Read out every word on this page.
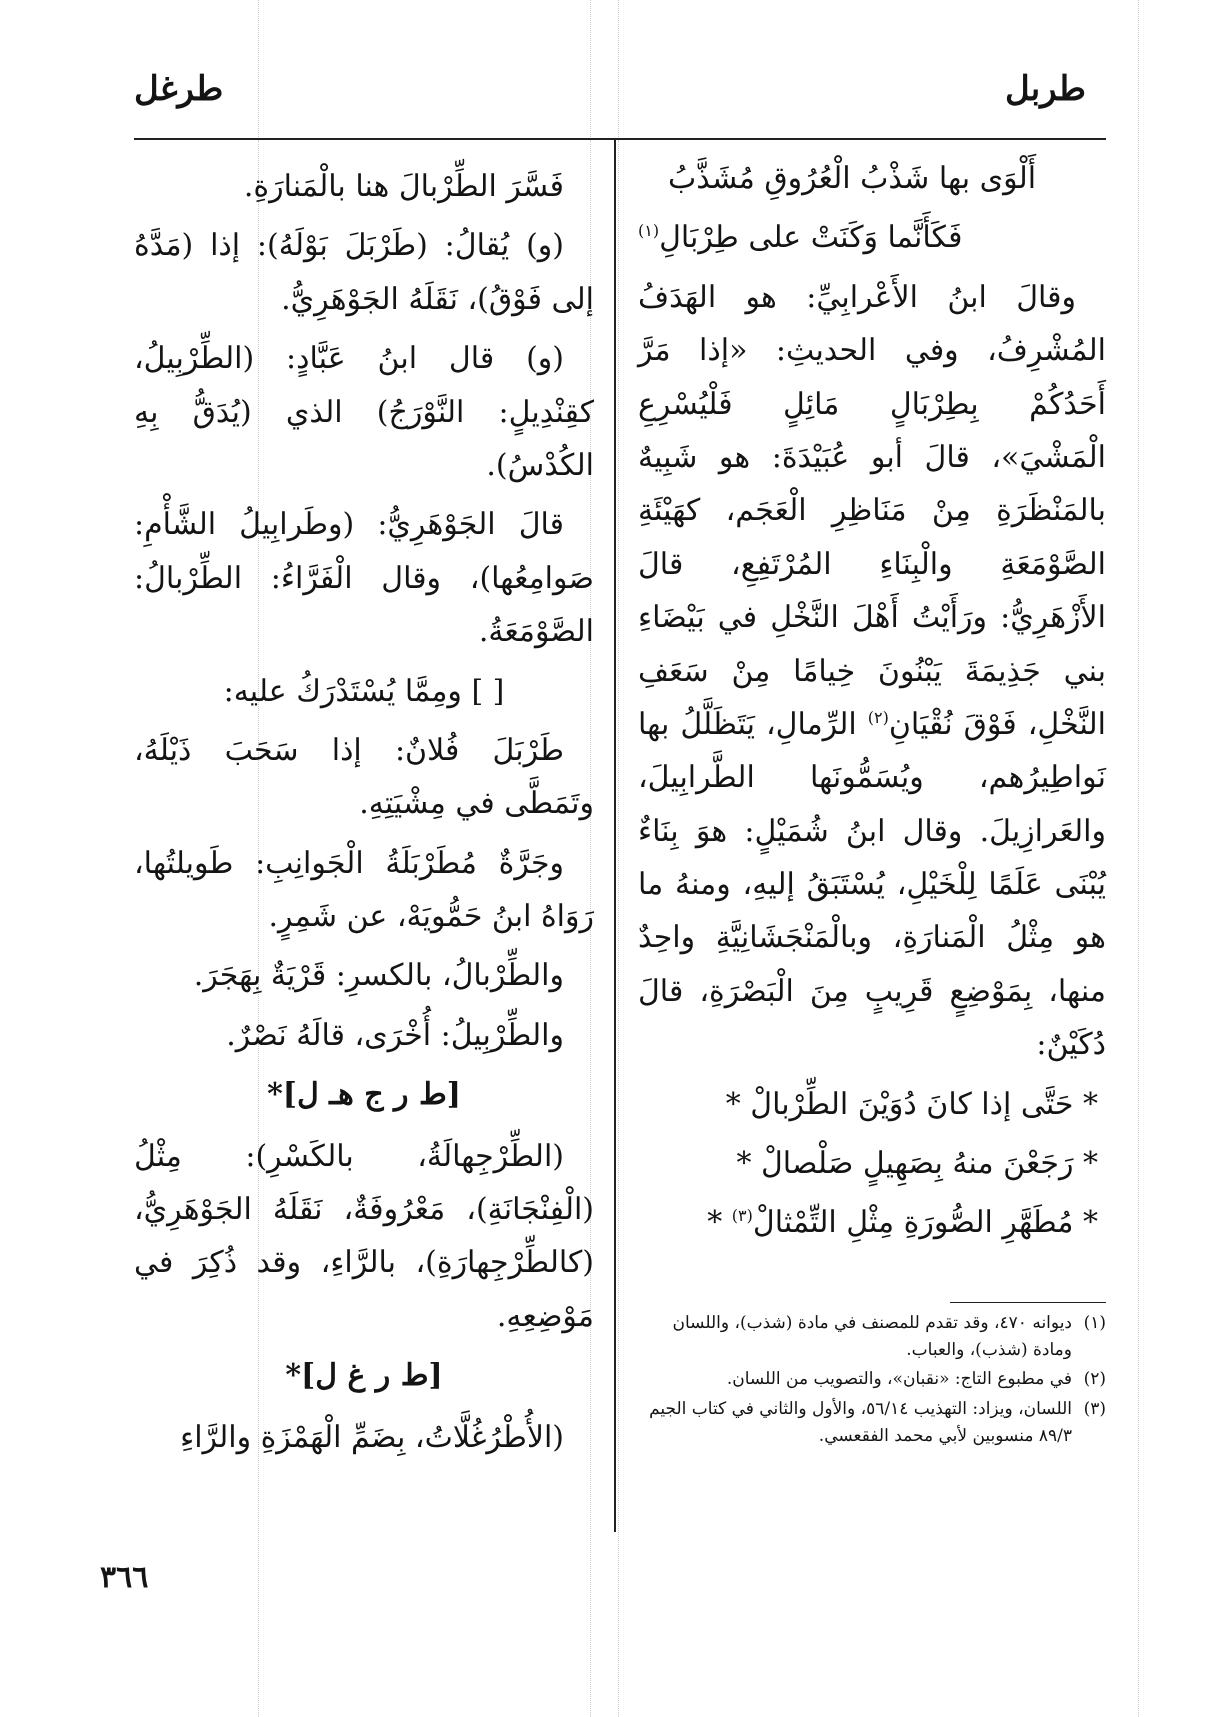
طربل
طرغل

أَلْوَى بها شَذْبُ الْعُرُوقِ مُشَذَّبُ

فَكَأَنَّما وَكَنَتْ على طِرْبَالِ$^{(١)}$

وقالَ ابنُ الأَعْرابِيِّ: هو الهَدَفُ المُشْرِفُ، وفي الحديثِ: «إذا مَرَّ أَحَدُكُمْ بِطِرْبَالٍ مَائِلٍ فَلْيُسْرِعِ الْمَشْيَ»، قالَ أبو عُبَيْدَةَ: هو شَبِيهٌ بالمَنْظَرَةِ مِنْ مَنَاظِرِ الْعَجَم، كهَيْئَةِ الصَّوْمَعَةِ والْبِنَاءِ المُرْتَفِعِ، قالَ الأَزْهَرِيُّ: ورَأَيْتُ أَهْلَ النَّخْلِ في بَيْضَاءِ بني جَذِيمَةَ يَبْنُونَ خِيامًا مِنْ سَعَفِ النَّخْلِ، فَوْقَ نُقْيَانِ$^{(٢)}$ الرِّمالِ، يَتَظَلَّلُ بها نَواطِيرُهم، ويُسَمُّونَها الطَّرابِيلَ، والعَرازِيلَ. وقال ابنُ شُمَيْلٍ: هوَ بِنَاءٌ يُبْنَى عَلَمًا لِلْخَيْلِ، يُسْتَبَقُ إليهِ، ومنهُ ما هو مِثْلُ الْمَنارَةِ، وبالْمَنْجَشَانِيَّةِ واحِدٌ منها، بِمَوْضِعٍ قَرِيبٍ مِنَ الْبَصْرَةِ، قالَ دُكَيْنٌ:

* حَتَّى إذا كانَ دُوَيْنَ الطِّرْبالْ *

* رَجَعْنَ منهُ بِصَهِيلٍ صَلْصالْ *

* مُطَهَّرِ الصُّورَةِ مِثْلِ التِّمْثالْ$^{(٣)}$ *

فَسَّرَ الطِّرْبالَ هنا بالْمَنارَةِ.

(و) يُقالُ: (طَرْبَلَ بَوْلَهُ): إذا (مَدَّهُ إلى فَوْقُ)، نَقَلَهُ الجَوْهَرِيُّ.

(و) قال ابنُ عَبَّادٍ: (الطِّرْبِيلُ، كقِنْدِيلٍ: النَّوْرَجُ) الذي (يُدَقُّ بِهِ الكُدْسُ).

قالَ الجَوْهَرِيُّ: (وطَرابِيلُ الشَّأْمِ: صَوامِعُها)، وقال الْفَرَّاءُ: الطِّرْبالُ: الصَّوْمَعَةُ.

[ ] ومِمَّا يُسْتَدْرَكُ عليه:

طَرْبَلَ فُلانٌ: إذا سَحَبَ ذَيْلَهُ، وتَمَطَّى في مِشْيَتِهِ.

وجَرَّةٌ مُطَرْبَلَةُ الْجَوانِبِ: طَويلتُها، رَوَاهُ ابنُ حَمُّويَهْ، عن شَمِرٍ.

والطِّرْبالُ، بالكسرِ: قَرْيَةٌ بِهَجَرَ.

والطِّرْبِيلُ: أُخْرَى، قالَهُ نَصْرٌ.

[ط ر ج هـ ل]*

(الطِّرْجِهالَةُ، بالكَسْرِ): مِثْلُ (الْفِنْجَانَةِ)، مَعْرُوفَةٌ، نَقَلَهُ الجَوْهَرِيُّ، (كالطِّرْجِهارَةِ)، بالرَّاءِ، وقد ذُكِرَ في مَوْضِعِهِ.

[ط ر غ ل]*

(الأُطْرُغُلَّاتُ، بِضَمِّ الْهَمْزَةِ والرَّاءِ

(١)
ديوانه ٤٧٠، وقد تقدم للمصنف في مادة (شذب)، واللسان ومادة (شذب)، والعباب.
(٢)
في مطبوع التاج: «نقبان»، والتصويب من اللسان.
(٣)
اللسان، ويزاد: التهذيب ٥٦/١٤، والأول والثاني في كتاب الجيم ٨٩/٣ منسوبين لأبي محمد الفقعسي.
٣٦٦
